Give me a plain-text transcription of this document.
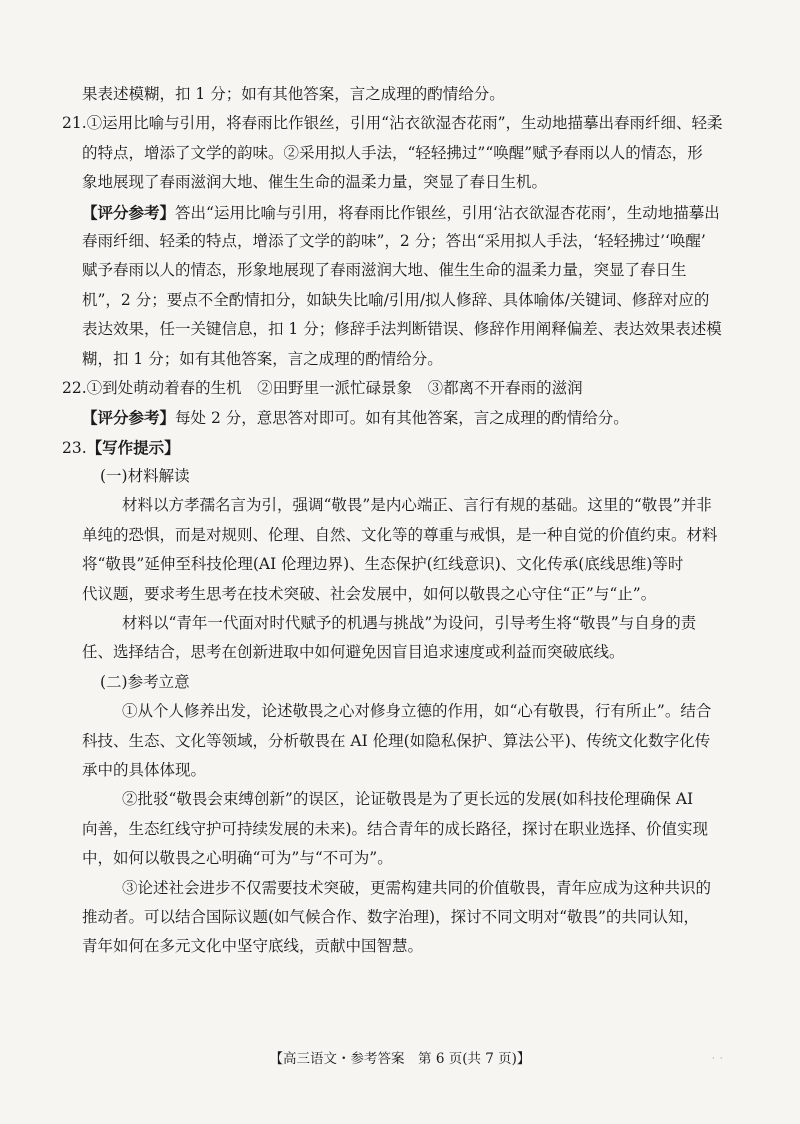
果表述模糊，扣 1 分；如有其他答案，言之成理的酌情给分。
21.①运用比喻与引用，将春雨比作银丝，引用“沾衣欲湿杏花雨”，生动地描摹出春雨纤细、轻柔
的特点，增添了文学的韵味。②采用拟人手法，“轻轻拂过”“唤醒”赋予春雨以人的情态，形
象地展现了春雨滋润大地、催生生命的温柔力量，突显了春日生机。
【评分参考】答出“运用比喻与引用，将春雨比作银丝，引用‘沾衣欲湿杏花雨’，生动地描摹出
春雨纤细、轻柔的特点，增添了文学的韵味”，2 分；答出“采用拟人手法，‘轻轻拂过’‘唤醒’
赋予春雨以人的情态，形象地展现了春雨滋润大地、催生生命的温柔力量，突显了春日生
机”，2 分；要点不全酌情扣分，如缺失比喻/引用/拟人修辞、具体喻体/关键词、修辞对应的
表达效果，任一关键信息，扣 1 分；修辞手法判断错误、修辞作用阐释偏差、表达效果表述模
糊，扣 1 分；如有其他答案，言之成理的酌情给分。
22.①到处萌动着春的生机　②田野里一派忙碌景象　③都离不开春雨的滋润
【评分参考】每处 2 分，意思答对即可。如有其他答案，言之成理的酌情给分。
23.【写作提示】
(一)材料解读
材料以方孝孺名言为引，强调“敬畏”是内心端正、言行有规的基础。这里的“敬畏”并非
单纯的恐惧，而是对规则、伦理、自然、文化等的尊重与戒惧，是一种自觉的价值约束。材料
将“敬畏”延伸至科技伦理(AI 伦理边界)、生态保护(红线意识)、文化传承(底线思维)等时
代议题，要求考生思考在技术突破、社会发展中，如何以敬畏之心守住“正”与“止”。
材料以“青年一代面对时代赋予的机遇与挑战”为设问，引导考生将“敬畏”与自身的责
任、选择结合，思考在创新进取中如何避免因盲目追求速度或利益而突破底线。
(二)参考立意
①从个人修养出发，论述敬畏之心对修身立德的作用，如“心有敬畏，行有所止”。结合
科技、生态、文化等领域，分析敬畏在 AI 伦理(如隐私保护、算法公平)、传统文化数字化传
承中的具体体现。
②批驳“敬畏会束缚创新”的误区，论证敬畏是为了更长远的发展(如科技伦理确保 AI
向善，生态红线守护可持续发展的未来)。结合青年的成长路径，探讨在职业选择、价值实现
中，如何以敬畏之心明确“可为”与“不可为”。
③论述社会进步不仅需要技术突破，更需构建共同的价值敬畏，青年应成为这种共识的
推动者。可以结合国际议题(如气候合作、数字治理)，探讨不同文明对“敬畏”的共同认知，
青年如何在多元文化中坚守底线，贡献中国智慧。
【高三语文・参考答案　第 6 页(共 7 页)】	· ·
